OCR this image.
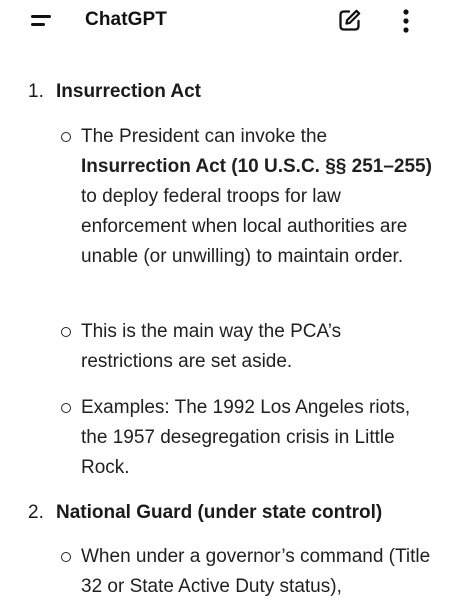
ChatGPT
1. Insurrection Act
The President can invoke the Insurrection Act (10 U.S.C. §§ 251–255) to deploy federal troops for law enforcement when local authorities are unable (or unwilling) to maintain order.
This is the main way the PCA’s restrictions are set aside.
Examples: The 1992 Los Angeles riots, the 1957 desegregation crisis in Little Rock.
2. National Guard (under state control)
When under a governor’s command (Title 32 or State Active Duty status),
